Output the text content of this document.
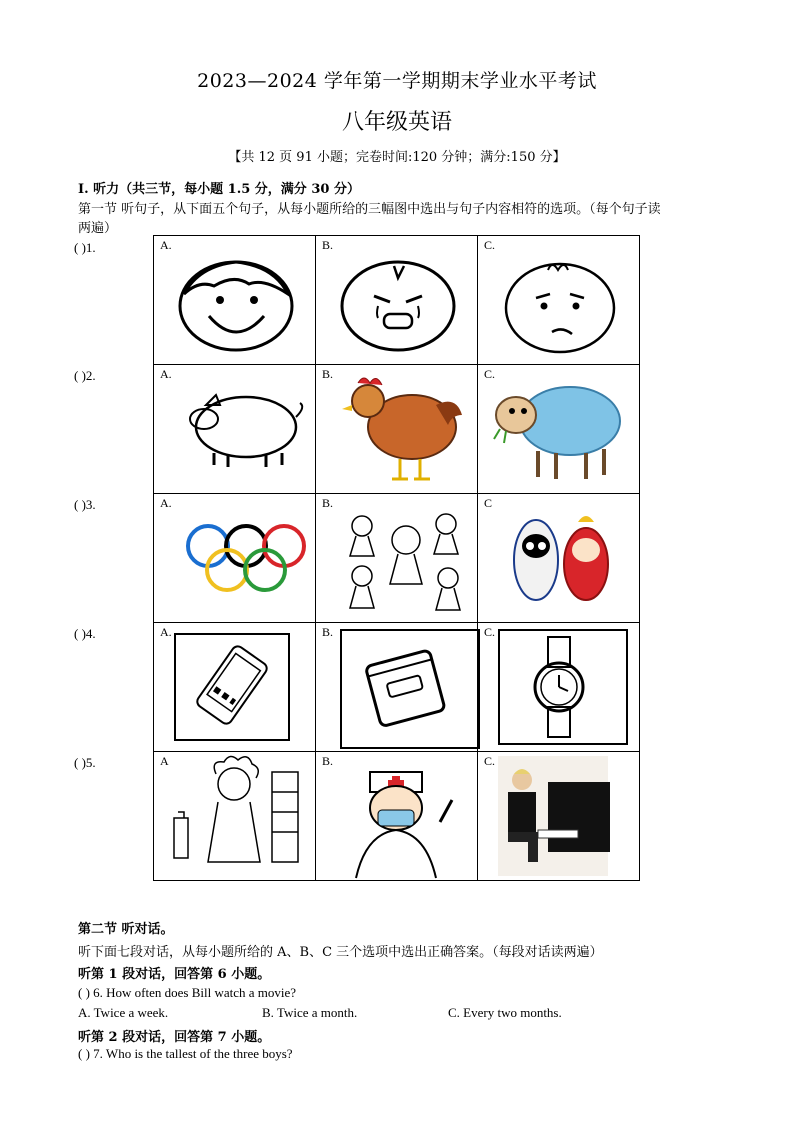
2023—2024 学年第一学期期末学业水平考试
八年级英语
【共 12 页 91 小题；完卷时间:120 分钟；满分:150 分】
Ⅰ. 听力（共三节，每小题 1.5 分，满分 30 分）
第一节 听句子，从下面五个句子，从每小题所给的三幅图中选出与句子内容相符的选项。（每个句子读
两遍）
( )1.
( )2.
( )3.
( )4.
( )5.
A.	B.	C.

A.	B.	C.

A.	B.	C

A.	B.	C.

A	B.	C.
第二节 听对话。
听下面七段对话，从每小题所给的 A、B、C 三个选项中选出正确答案。（每段对话读两遍）
听第 1 段对话，回答第 6 小题。
( ) 6. How often does Bill watch a movie?
A. Twice a week.	B. Twice a month.	C. Every two months.
听第 2 段对话，回答第 7 小题。
( ) 7. Who is the tallest of the three boys?
